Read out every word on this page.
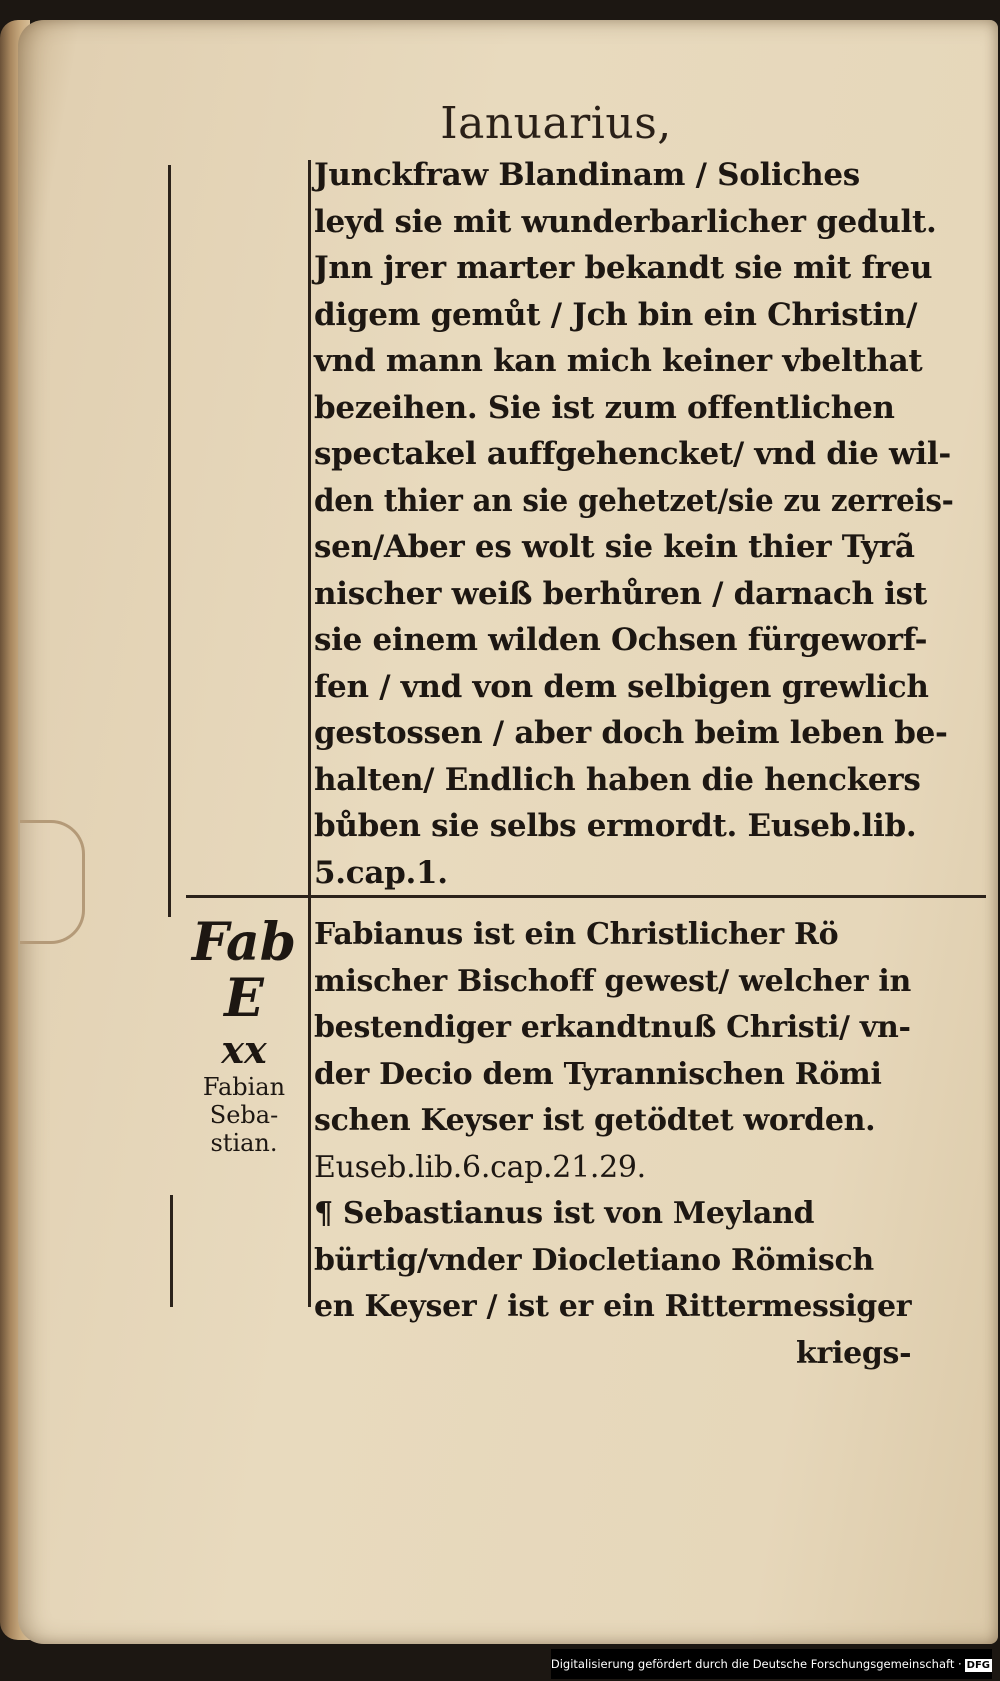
Ianuarius,
Junckfraw Blandinam / Soliches
leyd sie mit wunderbarlicher gedult.
Jnn jrer marter bekandt sie mit freu
digem gemůt / Jch bin ein Christin/
vnd mann kan mich keiner vbelthat
bezeihen. Sie ist zum offentlichen
spectakel auffgehencket/ vnd die wil-
den thier an sie gehetzet/sie zu zerreis-
sen/Aber es wolt sie kein thier Tyrã
nischer weiß berhůren / darnach ist
sie einem wilden Ochsen fürgeworf-
fen / vnd von dem selbigen grewlich
gestossen / aber doch beim leben be-
halten/ Endlich haben die henckers
bůben sie selbs ermordt. Euseb.lib.
5.cap.1.
Fab
E
xx
Fabian
Seba-
stian.
Fabianus ist ein Christlicher Rö
mischer Bischoff gewest/ welcher in
bestendiger erkandtnuß Christi/ vn-
der Decio dem Tyrannischen Römi
schen Keyser ist getödtet worden.
Euseb.lib.6.cap.21.29.
¶ Sebastianus ist von Meyland
bürtig/vnder Diocletiano Römisch
en Keyser / ist er ein Rittermessiger
kriegs-
Digitalisierung gefördert durch die Deutsche Forschungsgemeinschaft · DFG
